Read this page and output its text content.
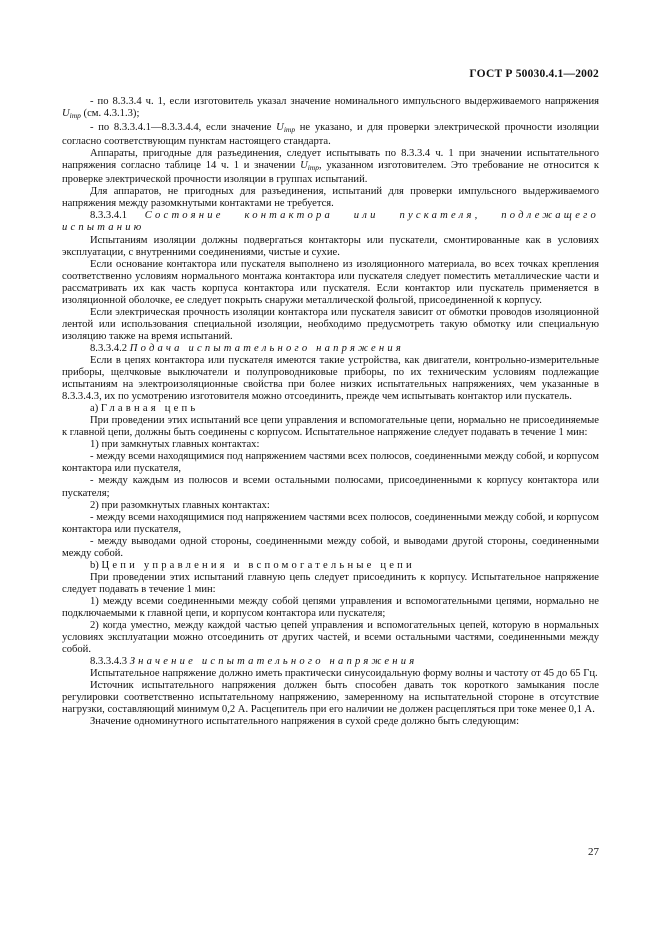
ГОСТ Р 50030.4.1—2002

- по 8.3.3.4 ч. 1, если изготовитель указал значение номинального импульсного выдерживаемого напряжения $U_{imp}$ (см. 4.3.1.3);

- по 8.3.3.4.1—8.3.3.4.4, если значение $U_{imp}$ не указано, и для проверки электрической прочности изоляции согласно соответствующим пунктам настоящего стандарта.

Аппараты, пригодные для разъединения, следует испытывать по 8.3.3.4 ч. 1 при значении испытательного напряжения согласно таблице 14 ч. 1 и значении $U_{imp}$, указанном изготовителем. Это требование не относится к проверке электрической прочности изоляции в группах испытаний.

Для аппаратов, не пригодных для разъединения, испытаний для проверки импульсного выдерживаемого напряжения между разомкнутыми контактами не требуется.

8.3.3.4.1 Состояние контактора или пускателя, подлежащего испытанию

Испытаниям изоляции должны подвергаться контакторы или пускатели, смонтированные как в условиях эксплуатации, с внутренними соединениями, чистые и сухие.

Если основание контактора или пускателя выполнено из изоляционного материала, во всех точках крепления соответственно условиям нормального монтажа контактора или пускателя следует поместить металлические части и рассматривать их как часть корпуса контактора или пускателя. Если контактор или пускатель применяется в изоляционной оболочке, ее следует покрыть снаружи металлической фольгой, присоединенной к корпусу.

Если электрическая прочность изоляции контактора или пускателя зависит от обмотки проводов изоляционной лентой или использования специальной изоляции, необходимо предусмотреть такую обмотку или специальную изоляцию также на время испытаний.

8.3.3.4.2 Подача испытательного напряжения

Если в цепях контактора или пускателя имеются такие устройства, как двигатели, контрольно-измерительные приборы, щелчковые выключатели и полупроводниковые приборы, по их техническим условиям подлежащие испытаниям на электроизоляционные свойства при более низких испытательных напряжениях, чем указанные в 8.3.3.4.3, их по усмотрению изготовителя можно отсоединить, прежде чем испытывать контактор или пускатель.

a) Главная цепь

При проведении этих испытаний все цепи управления и вспомогательные цепи, нормально не присоединяемые к главной цепи, должны быть соединены с корпусом. Испытательное напряжение следует подавать в течение 1 мин:

1) при замкнутых главных контактах:

- между всеми находящимися под напряжением частями всех полюсов, соединенными между собой, и корпусом контактора или пускателя,

- между каждым из полюсов и всеми остальными полюсами, присоединенными к корпусу контактора или пускателя;

2) при разомкнутых главных контактах:

- между всеми находящимися под напряжением частями всех полюсов, соединенными между собой, и корпусом контактора или пускателя,

- между выводами одной стороны, соединенными между собой, и выводами другой стороны, соединенными между собой.

b) Цепи управления и вспомогательные цепи

При проведении этих испытаний главную цепь следует присоединить к корпусу. Испытательное напряжение следует подавать в течение 1 мин:

1) между всеми соединенными между собой цепями управления и вспомогательными цепями, нормально не подключаемыми к главной цепи, и корпусом контактора или пускателя;

2) когда уместно, между каждой частью цепей управления и вспомогательных цепей, которую в нормальных условиях эксплуатации можно отсоединить от других частей, и всеми остальными частями, соединенными между собой.

8.3.3.4.3 Значение испытательного напряжения

Испытательное напряжение должно иметь практически синусоидальную форму волны и частоту от 45 до 65 Гц.

Источник испытательного напряжения должен быть способен давать ток короткого замыкания после регулировки соответственно испытательному напряжению, замеренному на испытательной стороне в отсутствие нагрузки, составляющий минимум 0,2 А. Расцепитель при его наличии не должен расцепляться при токе менее 0,1 А.

Значение одноминутного испытательного напряжения в сухой среде должно быть следующим:

27
